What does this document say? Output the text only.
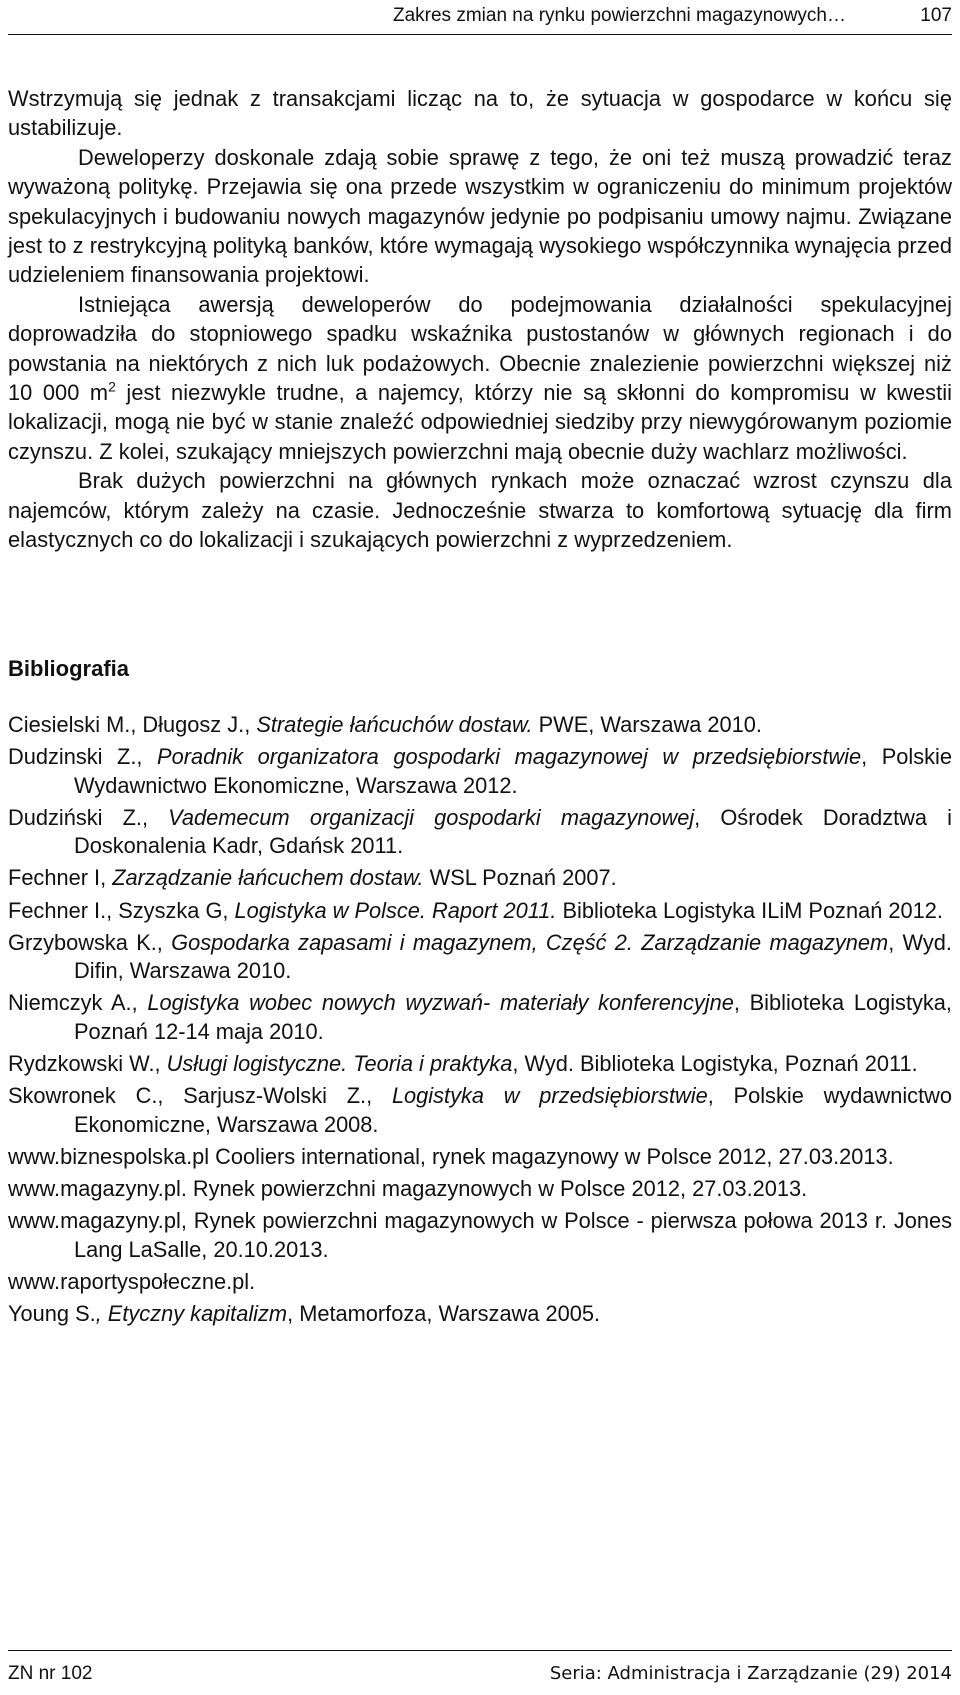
Zakres zmian na rynku powierzchni magazynowych…	107

Wstrzymują się jednak z transakcjami licząc na to, że sytuacja w gospodarce w końcu się ustabilizuje.

Deweloperzy doskonale zdają sobie sprawę z tego, że oni też muszą prowadzić teraz wyważoną politykę. Przejawia się ona przede wszystkim w ograniczeniu do minimum projektów spekulacyjnych i budowaniu nowych magazynów jedynie po podpisaniu umowy najmu. Związane jest to z restrykcyjną polityką banków, które wymagają wysokiego współczynnika wynajęcia przed udzieleniem finansowania projektowi.

Istniejąca awersją deweloperów do podejmowania działalności spekulacyjnej doprowadziła do stopniowego spadku wskaźnika pustostanów w głównych regionach i do powstania na niektórych z nich luk podażowych. Obecnie znalezienie powierzchni większej niż 10 000 $m^2$ jest niezwykle trudne, a najemcy, którzy nie są skłonni do kompromisu w kwestii lokalizacji, mogą nie być w stanie znaleźć odpowiedniej siedziby przy niewygórowanym poziomie czynszu. Z kolei, szukający mniejszych powierzchni mają obecnie duży wachlarz możliwości.

Brak dużych powierzchni na głównych rynkach może oznaczać wzrost czynszu dla najemców, którym zależy na czasie. Jednocześnie stwarza to komfortową sytuację dla firm elastycznych co do lokalizacji i szukających powierzchni z wyprzedzeniem.

Bibliografia
Ciesielski M., Długosz J., Strategie łańcuchów dostaw. PWE, Warszawa 2010.
Dudzinski Z., Poradnik organizatora gospodarki magazynowej w przedsiębiorstwie, Polskie Wydawnictwo Ekonomiczne, Warszawa 2012.
Dudziński Z., Vademecum organizacji gospodarki magazynowej, Ośrodek Doradztwa i Doskonalenia Kadr, Gdańsk 2011.
Fechner I, Zarządzanie łańcuchem dostaw. WSL Poznań 2007.
Fechner I., Szyszka G, Logistyka w Polsce. Raport 2011. Biblioteka Logistyka ILiM Poznań 2012.
Grzybowska K., Gospodarka zapasami i magazynem, Część 2. Zarządzanie magazynem, Wyd. Difin, Warszawa 2010.
Niemczyk A., Logistyka wobec nowych wyzwań- materiały konferencyjne, Biblioteka Logistyka, Poznań 12-14 maja 2010.
Rydzkowski W., Usługi logistyczne. Teoria i praktyka, Wyd. Biblioteka Logistyka, Poznań 2011.
Skowronek C., Sarjusz-Wolski Z., Logistyka w przedsiębiorstwie, Polskie wydawnictwo Ekonomiczne, Warszawa 2008.
www.biznespolska.pl Cooliers international, rynek magazynowy w Polsce 2012, 27.03.2013.
www.magazyny.pl. Rynek powierzchni magazynowych w Polsce 2012, 27.03.2013.
www.magazyny.pl, Rynek powierzchni magazynowych w Polsce - pierwsza połowa 2013 r. Jones Lang LaSalle, 20.10.2013.
www.raportyspołeczne.pl.
Young S., Etyczny kapitalizm, Metamorfoza, Warszawa 2005.
ZN nr 102	Seria: Administracja i Zarządzanie (29) 2014
